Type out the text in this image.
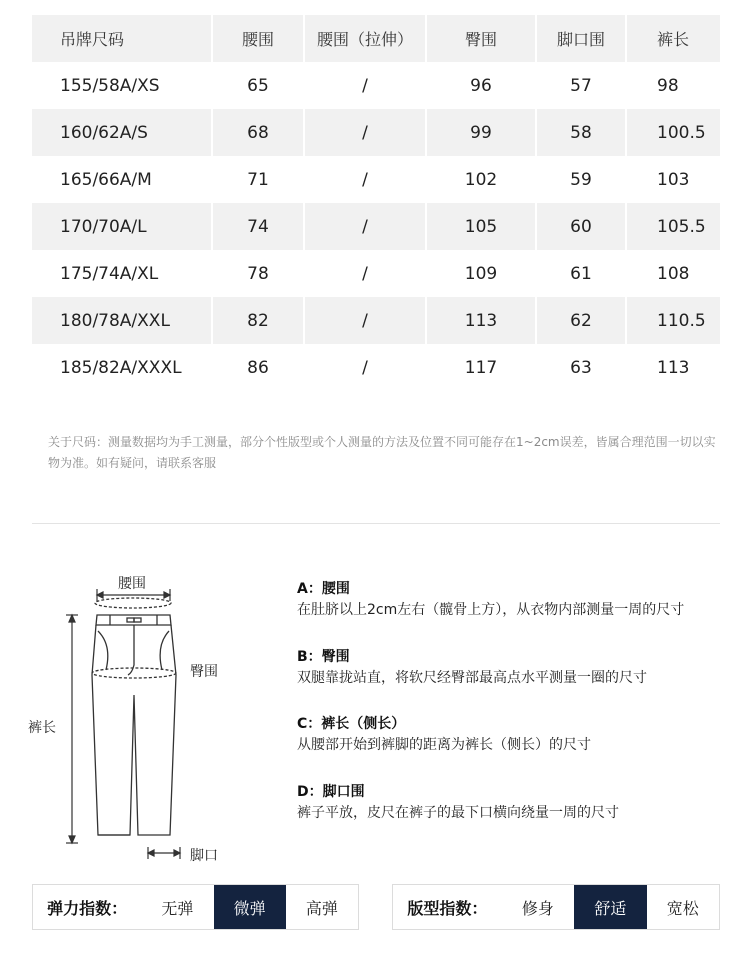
吊牌尺码	腰围	腰围（拉伸）	臀围	脚口围	裤长
155/58A/XS	65	/	96	57	98
160/62A/S	68	/	99	58	100.5
165/66A/M	71	/	102	59	103
170/70A/L	74	/	105	60	105.5
175/74A/XL	78	/	109	61	108
180/78A/XXL	82	/	113	62	110.5
185/82A/XXXL	86	/	117	63	113
关于尺码：测量数据均为手工测量，部分个性版型或个人测量的方法及位置不同可能存在1~2cm误差，皆属合理范围一切以实物为准。如有疑问，请联系客服
腰围
臀围
裤长
脚口
A：腰围
在肚脐以上2cm左右（髋骨上方），从衣物内部测量一周的尺寸
B：臀围
双腿靠拢站直，将软尺经臀部最高点水平测量一圈的尺寸
C：裤长（侧长）
从腰部开始到裤脚的距离为裤长（侧长）的尺寸
D：脚口围
裤子平放，皮尺在裤子的最下口横向绕量一周的尺寸
弹力指数：	无弹	微弹	高弹	版型指数：	修身	舒适	宽松
